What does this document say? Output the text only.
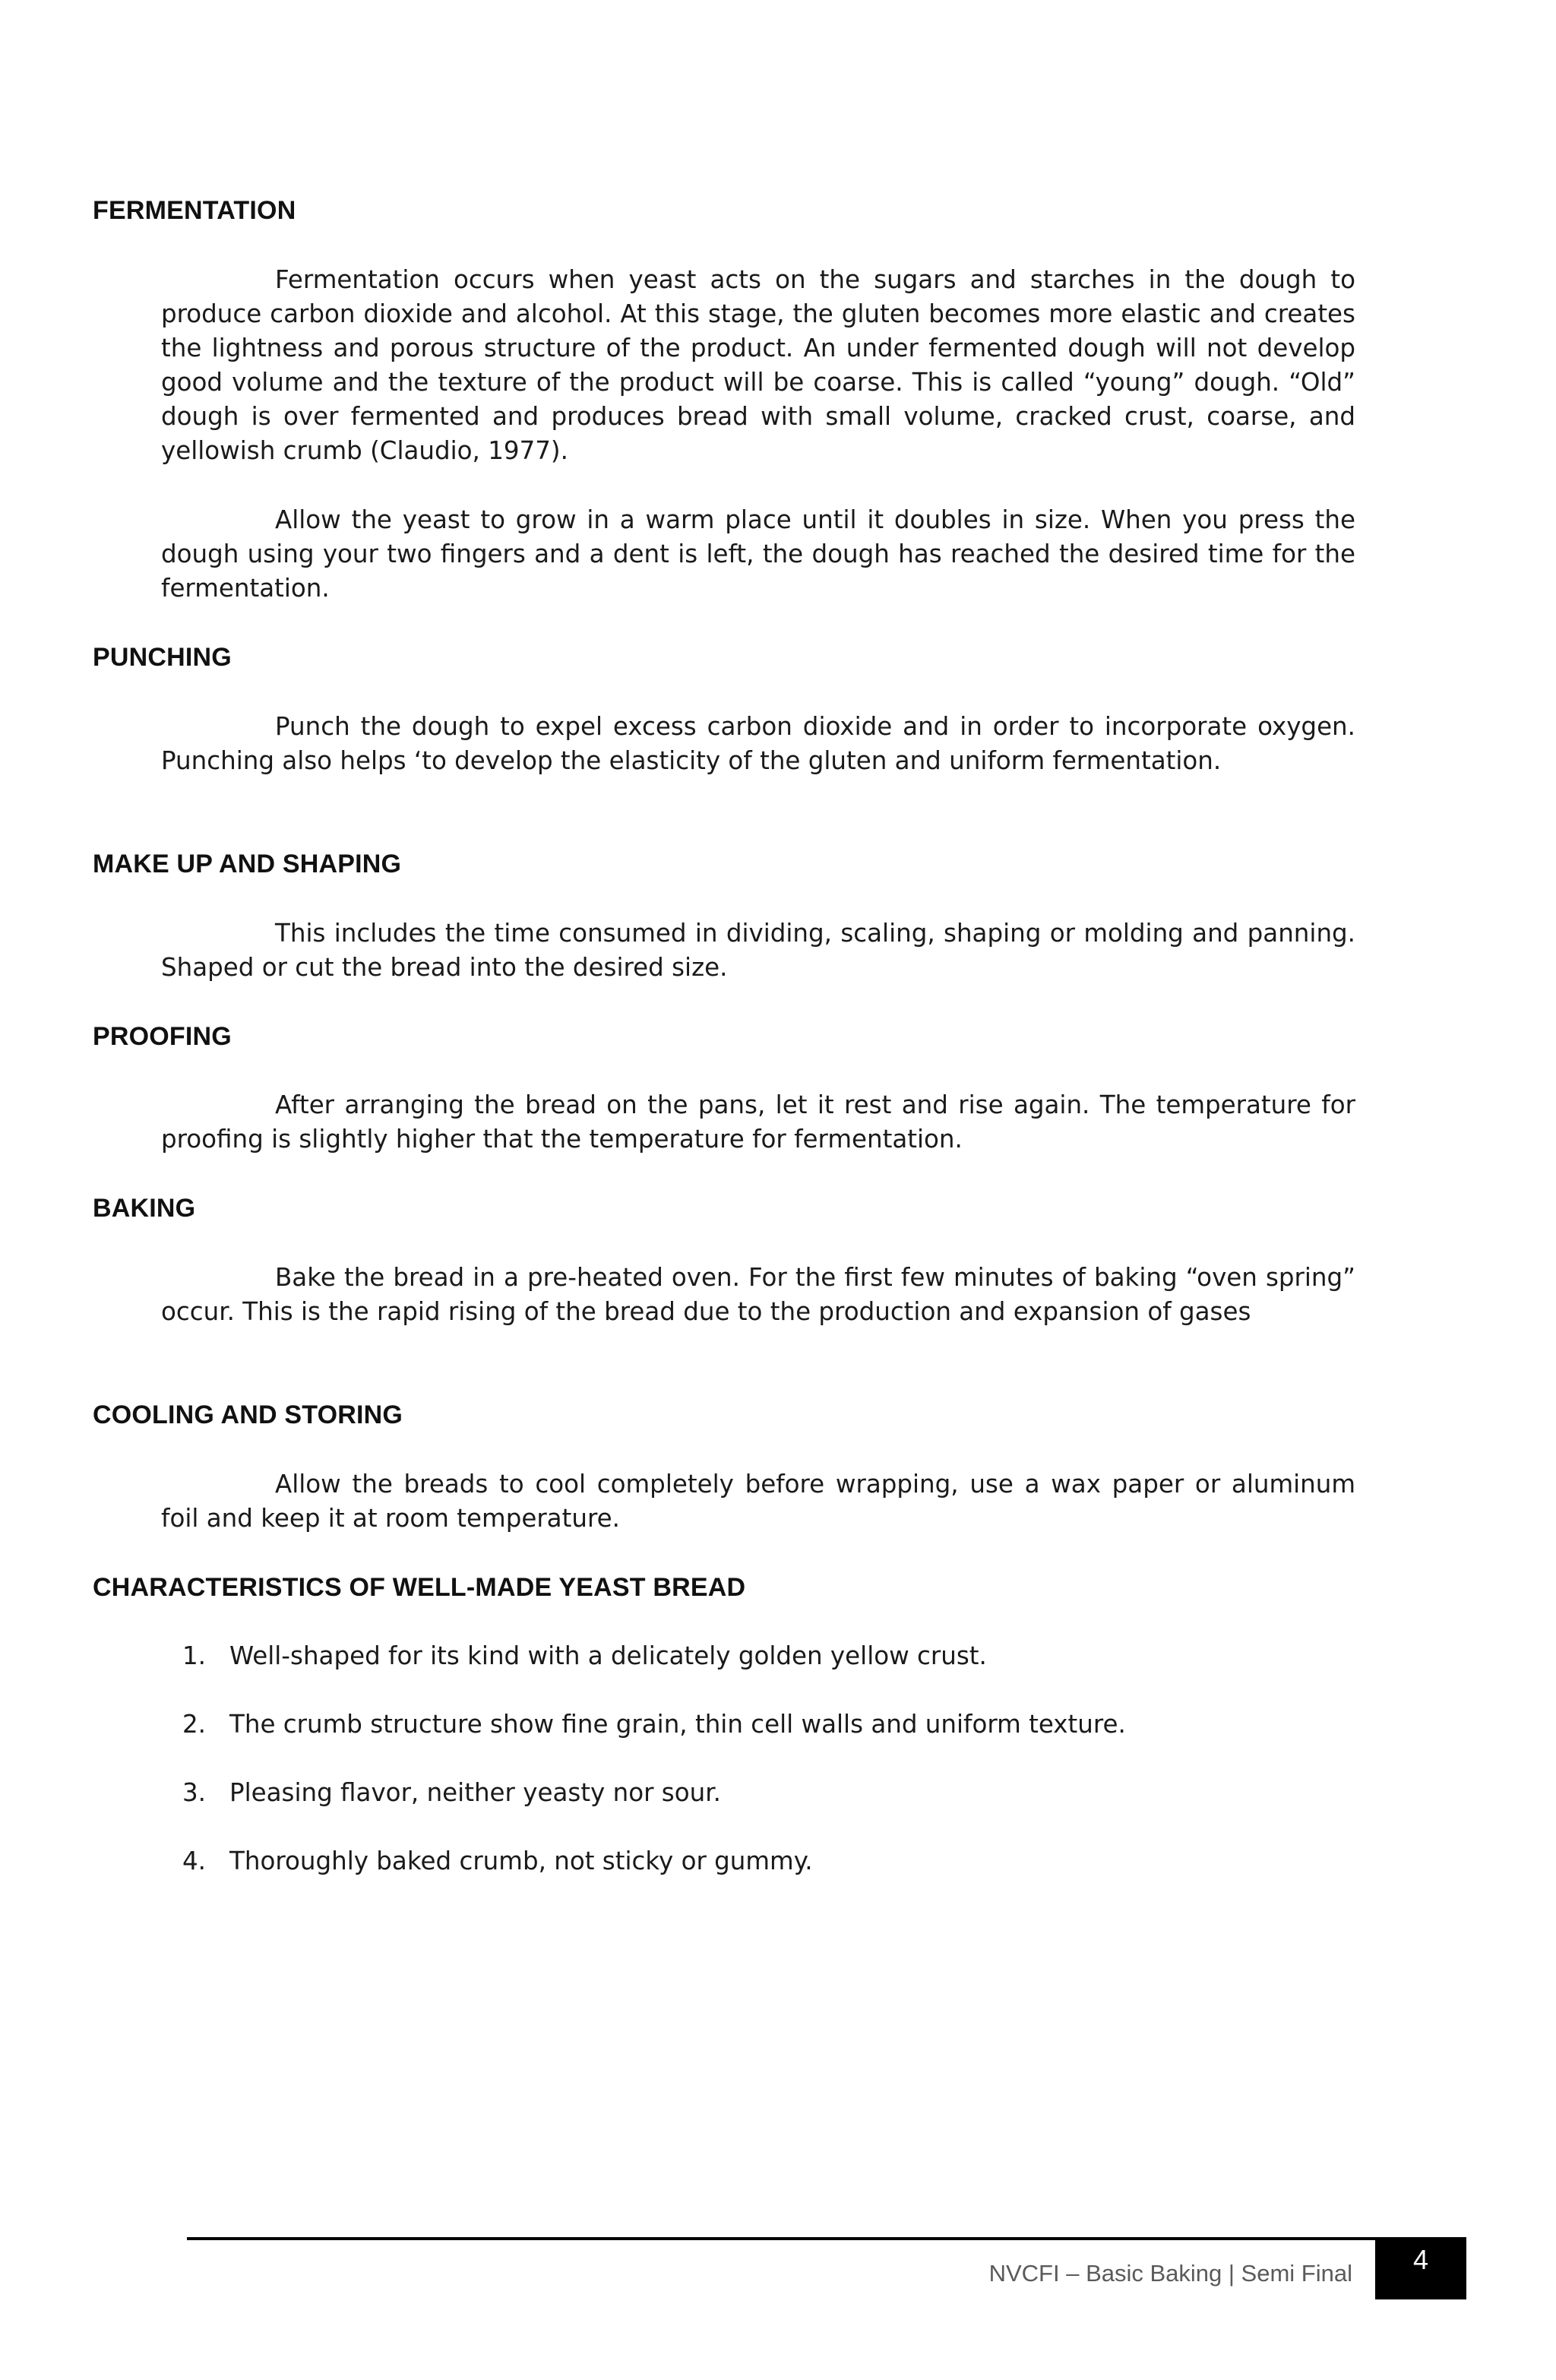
FERMENTATION

Fermentation occurs when yeast acts on the sugars and starches in the dough to produce carbon dioxide and alcohol. At this stage, the gluten becomes more elastic and creates the lightness and porous structure of the product. An under fermented dough will not develop good volume and the texture of the product will be coarse. This is called “young” dough. “Old” dough is over fermented and produces bread with small volume, cracked crust, coarse, and yellowish crumb (Claudio, 1977).

Allow the yeast to grow in a warm place until it doubles in size. When you press the dough using your two fingers and a dent is left, the dough has reached the desired time for the fermentation.

PUNCHING

Punch the dough to expel excess carbon dioxide and in order to incorporate oxygen. Punching also helps ‘to develop the elasticity of the gluten and uniform fermentation.

MAKE UP AND SHAPING

This includes the time consumed in dividing, scaling, shaping or molding and panning. Shaped or cut the bread into the desired size.

PROOFING

After arranging the bread on the pans, let it rest and rise again. The temperature for proofing is slightly higher that the temperature for fermentation.

BAKING

Bake the bread in a pre-heated oven. For the first few minutes of baking “oven spring” occur. This is the rapid rising of the bread due to the production and expansion of gases

COOLING AND STORING

Allow the breads to cool completely before wrapping, use a wax paper or aluminum foil and keep it at room temperature.

CHARACTERISTICS OF WELL-MADE YEAST BREAD
1. Well-shaped for its kind with a delicately golden yellow crust.
2. The crumb structure show fine grain, thin cell walls and uniform texture.
3. Pleasing flavor, neither yeasty nor sour.
4. Thoroughly baked crumb, not sticky or gummy.
NVCFI – Basic Baking | Semi Final	4
